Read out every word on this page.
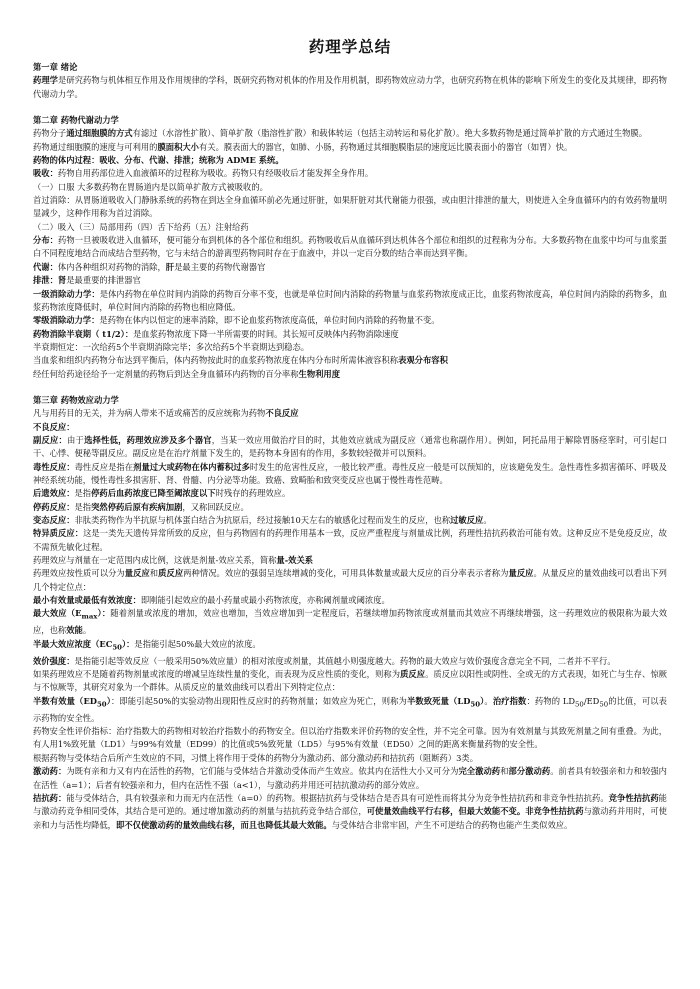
药理学总结

第一章 绪论

药理学是研究药物与机体相互作用及作用规律的学科，既研究药物对机体的作用及作用机制，即药物效应动力学，也研究药物在机体的影响下所发生的变化及其规律，即药物代谢动力学。

第二章 药物代谢动力学

药物分子通过细胞膜的方式有滤过（水溶性扩散）、简单扩散（脂溶性扩散）和载体转运（包括主动转运和易化扩散）。绝大多数药物是通过简单扩散的方式通过生物膜。

药物通过细胞膜的速度与可利用的膜面积大小有关。膜表面大的器官，如肺、小肠，药物通过其细胞膜脂层的速度远比膜表面小的器官（如胃）快。

药物的体内过程：吸收、分布、代谢、排泄；统称为 ADME 系统。

吸收：药物自用药部位进入血液循环的过程称为吸收。药物只有经吸收后才能发挥全身作用。

（一）口服 大多数药物在胃肠道内是以简单扩散方式被吸收的。

首过消除：从胃肠道吸收入门静脉系统的药物在到达全身血循环前必先通过肝脏，如果肝脏对其代谢能力很强，或由胆汁排泄的量大，则使进入全身血循环内的有效药物量明显减少，这种作用称为首过消除。

（二）吸入（三）局部用药（四）舌下给药（五）注射给药

分布：药物一旦被吸收进入血循环，便可能分布到机体的各个部位和组织。药物吸收后从血循环到达机体各个部位和组织的过程称为分布。大多数药物在血浆中均可与血浆蛋白不同程度地结合而成结合型药物，它与未结合的游离型药物同时存在于血液中，并以一定百分数的结合率而达到平衡。

代谢：体内各种组织对药物的消除，肝是最主要的药物代谢器官

排泄：肾是最重要的排泄器官

一级消除动力学：是体内药物在单位时间内消除的药物百分率不变，也就是单位时间内消除的药物量与血浆药物浓度成正比，血浆药物浓度高，单位时间内消除的药物多，血浆药物浓度降低时，单位时间内消除的药物也相应降低。

零级消除动力学：是药物在体内以恒定的速率消除，即不论血浆药物浓度高低，单位时间内消除的药物量不变。

药物消除半衰期（ t1/2）：是血浆药物浓度下降一半所需要的时间。其长短可反映体内药物消除速度

半衰期恒定：一次给药5个半衰期消除完毕；多次给药5个半衰期达到稳态。

当血浆和组织内药物分布达到平衡后，体内药物按此时的血浆药物浓度在体内分布时所需体液容积称表观分布容积

经任何给药途径给予一定剂量的药物后到达全身血循环内药物的百分率称生物利用度

第三章 药物效应动力学

凡与用药目的无关，并为病人带来不适或痛苦的反应统称为药物不良反应

不良反应：

副反应：由于选择性低，药理效应涉及多个器官，当某一效应用做治疗目的时，其他效应就成为副反应（通常也称副作用）。例如，阿托品用于解除胃肠痉挛时，可引起口干、心悸、便秘等副反应。副反应是在治疗剂量下发生的，是药物本身固有的作用，多数较轻微并可以预料。

毒性反应：毒性反应是指在剂量过大或药物在体内蓄积过多时发生的危害性反应，一般比较严重。毒性反应一般是可以预知的，应该避免发生。急性毒性多损害循环、呼吸及神经系统功能，慢性毒性多损害肝、肾、骨髓、内分泌等功能。致癌、致畸胎和致突变反应也属于慢性毒性范畴。

后遗效应：是指停药后血药浓度已降至阈浓度以下时残存的药理效应。

停药反应：是指突然停药后原有疾病加剧，又称回跃反应。

变态反应：非肽类药物作为半抗原与机体蛋白结合为抗原后，经过接触10天左右的敏感化过程而发生的反应，也称过敏反应。

特异质反应：这是一类先天遗传异常所致的反应，但与药物固有的药理作用基本一致，反应严重程度与剂量成比例，药理性拮抗药救治可能有效。这种反应不是免疫反应，故不需预先敏化过程。

药理效应与剂量在一定范围内成比例，这就是剂量-效应关系，简称量-效关系

药理效应按性质可以分为量反应和质反应两种情况。效应的强弱呈连续增减的变化，可用具体数量或最大反应的百分率表示者称为量反应。从量反应的量效曲线可以看出下列几个特定位点：

最小有效量或最低有效浓度：即刚能引起效应的最小药量或最小药物浓度，亦称阈剂量或阈浓度。

最大效应$(E_{max})$：随着剂量或浓度的增加，效应也增加，当效应增加到一定程度后，若继续增加药物浓度或剂量而其效应不再继续增强，这一药理效应的极限称为最大效应，也称效能。

半最大效应浓度$(EC_{50})$：是指能引起50%最大效应的浓度。

效价强度：是指能引起等效反应（一般采用50%效应量）的相对浓度或剂量，其值越小则强度越大。药物的最大效应与效价强度含意完全不同，二者并不平行。

如果药理效应不是随着药物剂量或浓度的增减呈连续性量的变化，而表现为反应性质的变化，则称为质反应。质反应以阳性或阴性、全或无的方式表现，如死亡与生存、惊厥与不惊厥等，其研究对象为一个群体。从质反应的量效曲线可以看出下列特定位点：

半数有效量$(ED_{50})$：即能引起50%的实验动物出现阳性反应时的药物剂量；如效应为死亡，则称为半数致死量$(LD_{50})$。治疗指数：药物的 $LD_{50}/ED_{50}$的比值，可以表示药物的安全性。

药物安全性评价指标：治疗指数大的药物相对较治疗指数小的药物安全。但以治疗指数来评价药物的安全性，并不完全可靠。因为有效剂量与其致死剂量之间有重叠。为此，有人用1%致死量（LD1）与99%有效量（ED99）的比值或5%致死量（LD5）与95%有效量（ED50）之间的距离来衡量药物的安全性。

根据药物与受体结合后所产生效应的不同，习惯上将作用于受体的药物分为激动药、部分激动药和拮抗药（阻断药）3类。

激动药：为既有亲和力又有内在活性的药物，它们能与受体结合并激动受体而产生效应。依其内在活性大小又可分为完全激动药和部分激动药。前者具有较强亲和力和较强内在活性（a=1）；后者有较强亲和力，但内在活性不强（a<1），与激动药并用还可拮抗激动药的部分效应。

拮抗药：能与受体结合，具有较强亲和力而无内在活性（a=0）的药物。根据拮抗药与受体结合是否具有可逆性而将其分为竞争性拮抗药和非竞争性拮抗药。竞争性拮抗药能与激动药竞争相同受体，其结合是可逆的。通过增加激动药的剂量与拮抗药竞争结合部位，可使量效曲线平行右移，但最大效能不变。非竞争性拮抗药与激动药并用时，可使亲和力与活性均降低，即不仅使激动药的量效曲线右移，而且也降低其最大效能。与受体结合非常牢固，产生不可逆结合的药物也能产生类似效应。
